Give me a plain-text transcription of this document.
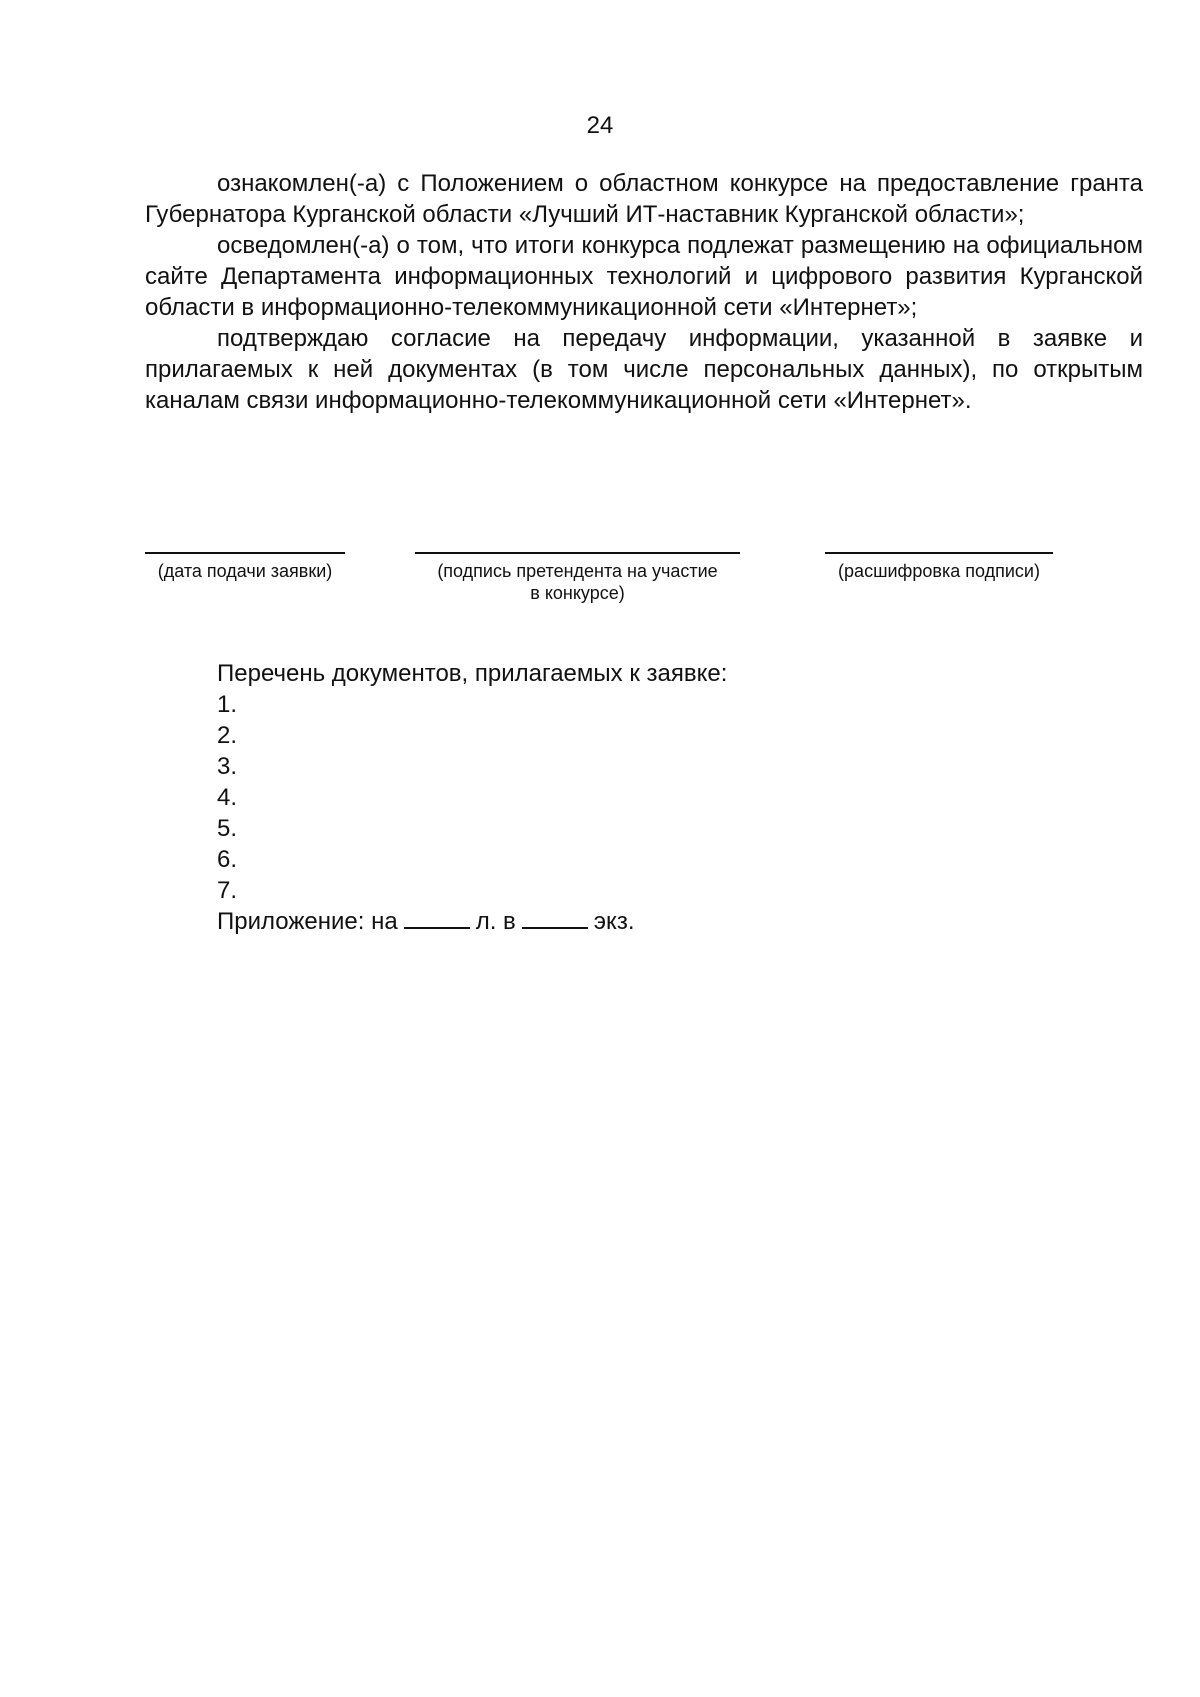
24

ознакомлен(-а) с Положением о областном конкурсе на предоставление гранта Губернатора Курганской области «Лучший ИТ-наставник Курганской области»;

осведомлен(-а) о том, что итоги конкурса подлежат размещению на официальном сайте Департамента информационных технологий и цифрового развития Курганской области в информационно-телекоммуникационной сети «Интернет»;

подтверждаю согласие на передачу информации, указанной в заявке и прилагаемых к ней документах (в том числе персональных данных), по открытым каналам связи информационно-телекоммуникационной сети «Интернет».

(дата подачи заявки)	(подпись претендента на участие
в конкурсе)
(расшифровка подписи)

Перечень документов, прилагаемых к заявке:

1.
2.
3.
4.
5.
6.
7.
Приложение: на	л. в	экз.
